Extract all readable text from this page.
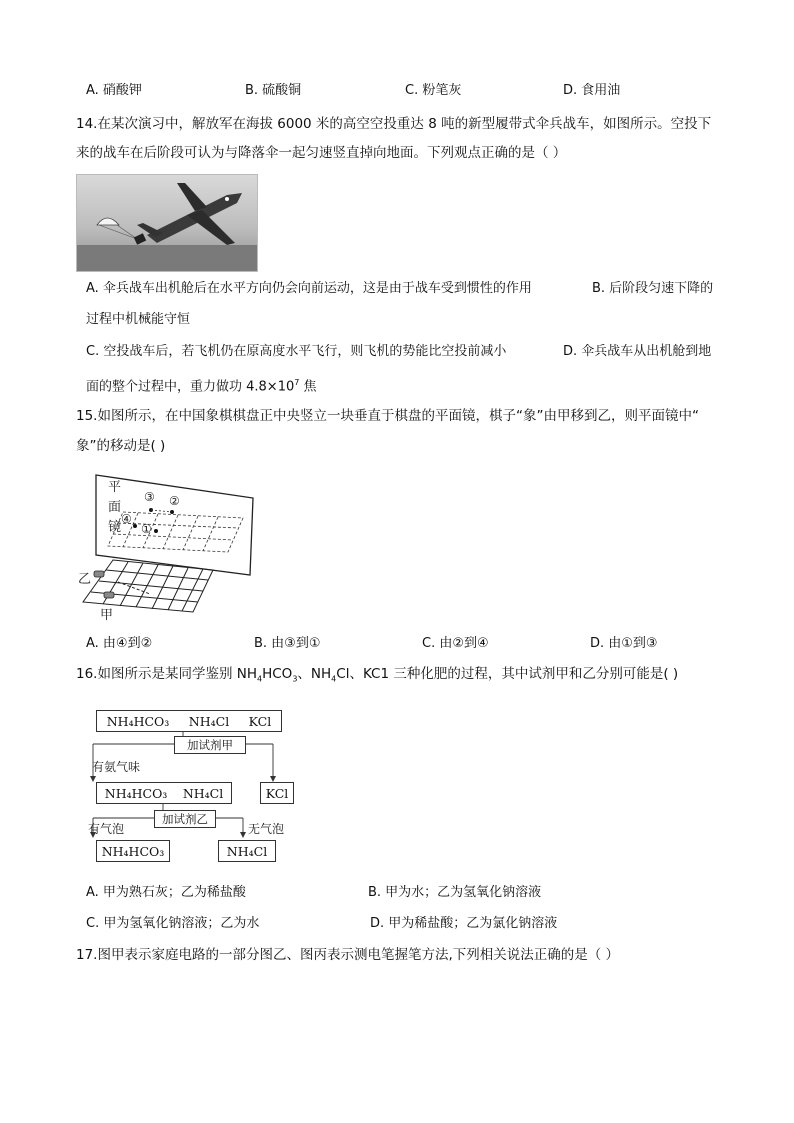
A. 硝酸钾	B. 硫酸铜	C. 粉笔灰	D. 食用油
14.在某次演习中，解放军在海拔 6000 米的高空空投重达 8 吨的新型履带式伞兵战车，如图所示。空投下
来的战车在后阶段可认为与降落伞一起匀速竖直掉向地面。下列观点正确的是（ ）
A. 伞兵战车出机舱后在水平方向仍会向前运动，这是由于战车受到惯性的作用	B. 后阶段匀速下降的
过程中机械能守恒
C. 空投战车后，若飞机仍在原高度水平飞行，则飞机的势能比空投前减小	D. 伞兵战车从出机舱到地
面的整个过程中，重力做功 $4.8\times 10^7$ 焦
15.如图所示，在中国象棋棋盘正中央竖立一块垂直于棋盘的平面镜，棋子“象”由甲移到乙，则平面镜中“
象”的移动是( )
平
面
镜
③ ②
④
①
乙
甲
A. 由④到②	B. 由③到①	C. 由②到④	D. 由①到③
16.如图所示是某同学鉴别 $NH_4HCO_3$、$NH_4Cl$、KC1 三种化肥的过程，其中试剂甲和乙分别可能是( )
NH₄HCO₃ NH₄Cl KCl
加试剂甲
有氨气味
NH₄HCO₃ NH₄Cl	KCl
加试剂乙
有气泡	无气泡
NH₄HCO₃	NH₄Cl
A. 甲为熟石灰；乙为稀盐酸	B. 甲为水；乙为氢氧化钠溶液
C. 甲为氢氧化钠溶液；乙为水	D. 甲为稀盐酸；乙为氯化钠溶液
17.图甲表示家庭电路的一部分图乙、图丙表示测电笔握笔方法,下列相关说法正确的是（ ）
